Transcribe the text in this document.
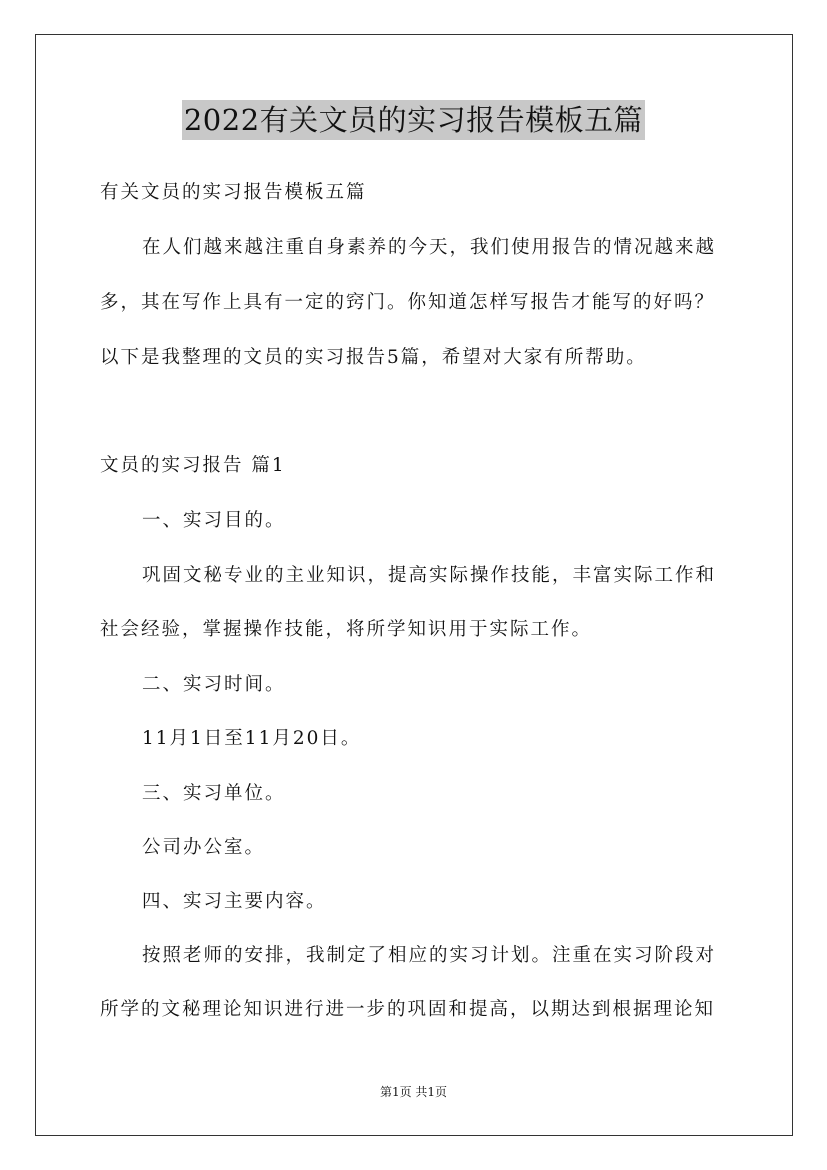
2022有关文员的实习报告模板五篇
有关文员的实习报告模板五篇
在人们越来越注重自身素养的今天，我们使用报告的情况越来越
多，其在写作上具有一定的窍门。你知道怎样写报告才能写的好吗？
以下是我整理的文员的实习报告5篇，希望对大家有所帮助。
文员的实习报告 篇1
一、实习目的。
巩固文秘专业的主业知识，提高实际操作技能，丰富实际工作和
社会经验，掌握操作技能，将所学知识用于实际工作。
二、实习时间。
11月1日至11月20日。
三、实习单位。
公司办公室。
四、实习主要内容。
按照老师的安排，我制定了相应的实习计划。注重在实习阶段对
所学的文秘理论知识进行进一步的巩固和提高，以期达到根据理论知
第1页 共1页
